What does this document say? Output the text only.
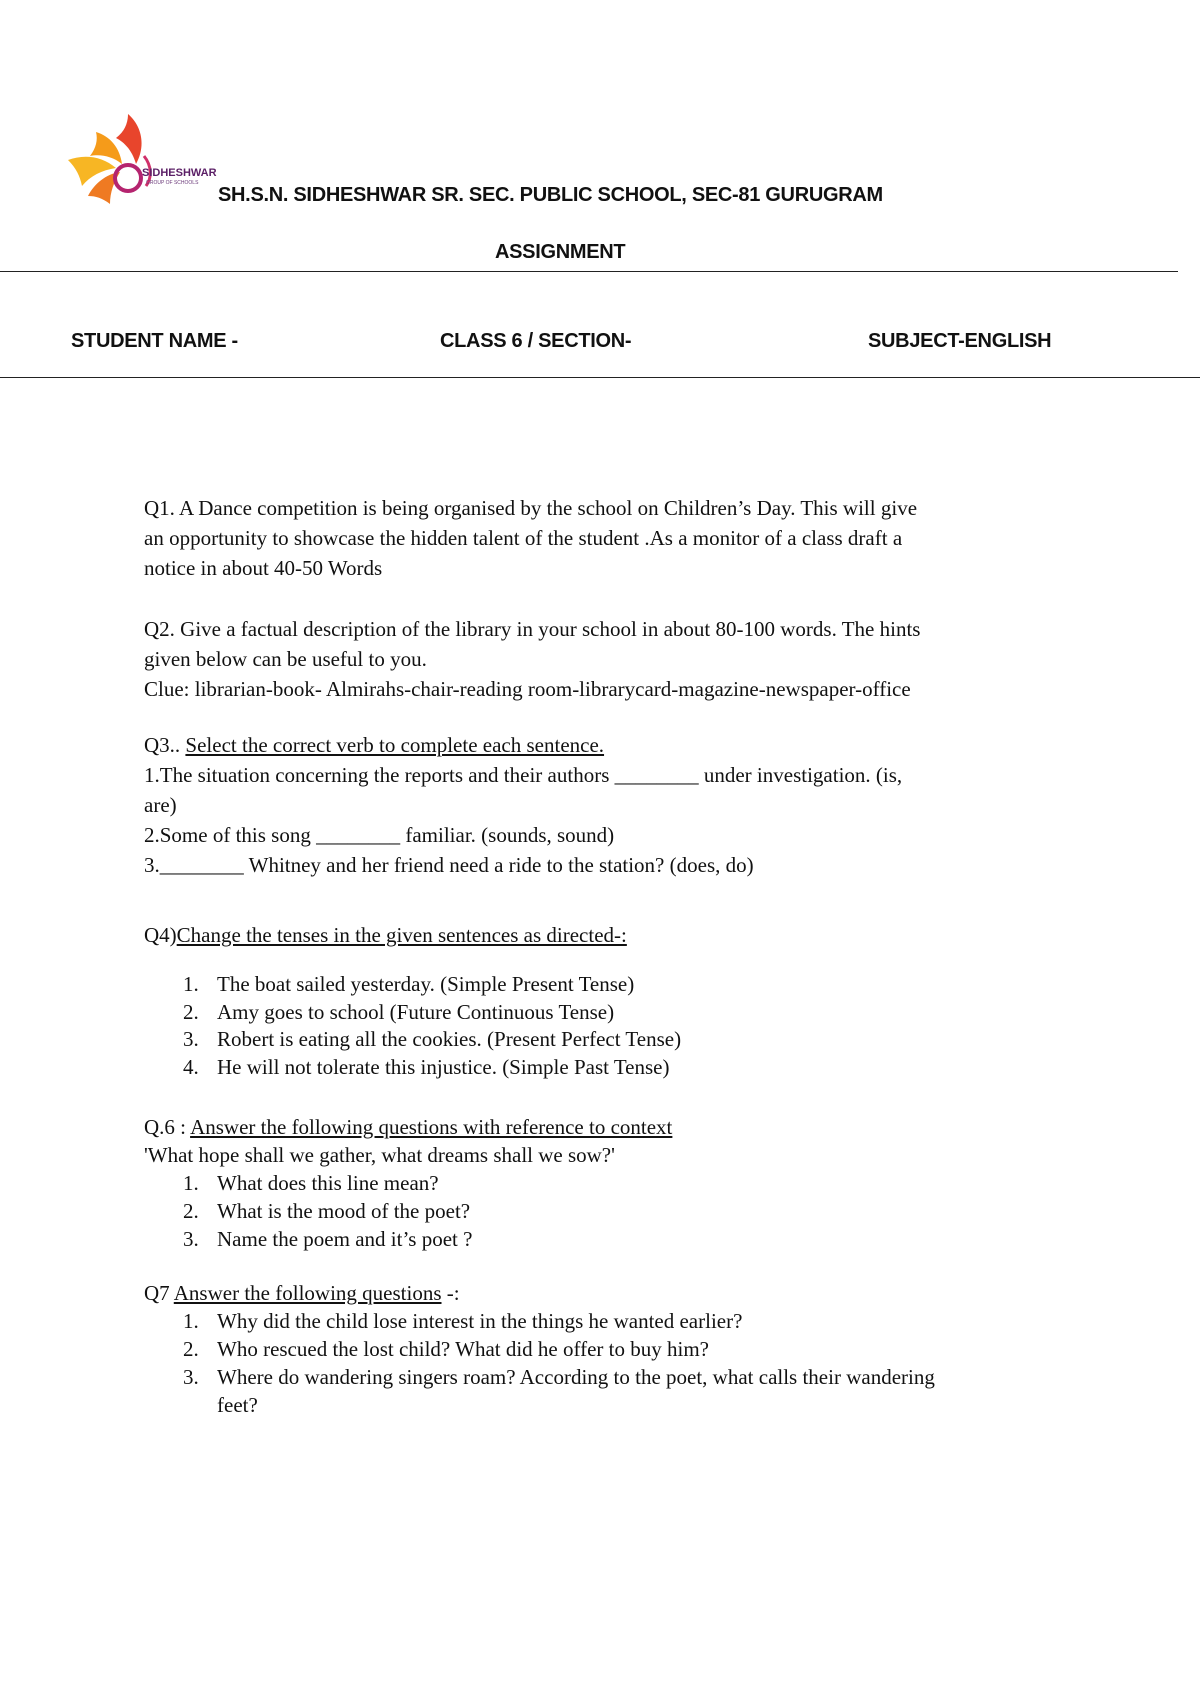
SIDHESHWAR
GROUP OF SCHOOLS
SH.S.N. SIDHESHWAR SR. SEC. PUBLIC SCHOOL, SEC-81 GURUGRAM
ASSIGNMENT
STUDENT NAME -	CLASS 6 / SECTION-	SUBJECT-ENGLISH
Q1. A Dance competition is being organised by the school on Children’s Day. This will give
an opportunity to showcase the hidden talent of the student .As a monitor of a class draft a
notice in about 40-50 Words
Q2. Give a factual description of the library in your school in about 80-100 words. The hints
given below can be useful to you.
Clue: librarian-book- Almirahs-chair-reading room-librarycard-magazine-newspaper-office
Q3.. Select the correct verb to complete each sentence.
1.The situation concerning the reports and their authors ________ under investigation. (is,
are)
2.Some of this song ________ familiar. (sounds, sound)
3.________ Whitney and her friend need a ride to the station? (does, do)
Q4)Change the tenses in the given sentences as directed-:
1. The boat sailed yesterday. (Simple Present Tense)
2. Amy goes to school (Future Continuous Tense)
3. Robert is eating all the cookies. (Present Perfect Tense)
4. He will not tolerate this injustice. (Simple Past Tense)
Q.6 : Answer the following questions with reference to context
'What hope shall we gather, what dreams shall we sow?'
1. What does this line mean?
2. What is the mood of the poet?
3. Name the poem and it’s poet ?
Q7 Answer the following questions -:
1. Why did the child lose interest in the things he wanted earlier?
2. Who rescued the lost child? What did he offer to buy him?
3. Where do wandering singers roam? According to the poet, what calls their wandering
feet?
